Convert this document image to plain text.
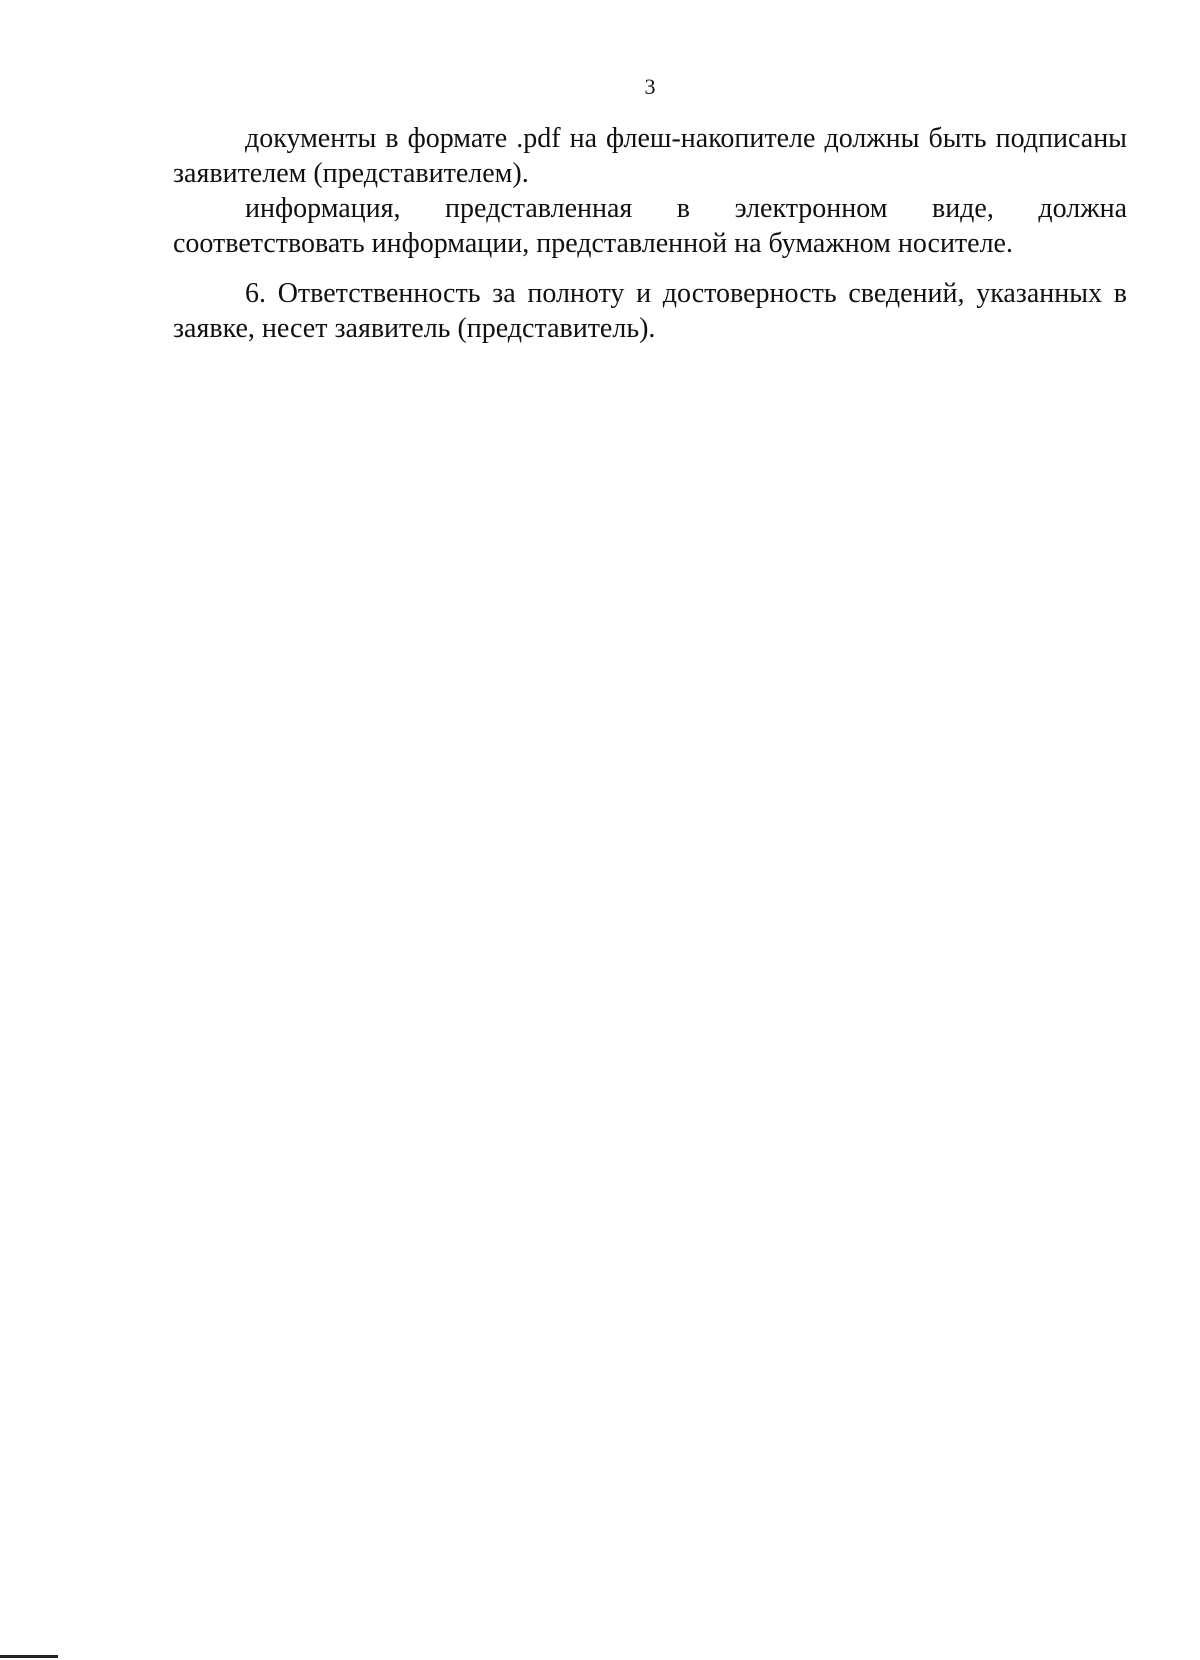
3

документы в формате .pdf на флеш-накопителе должны быть подписаны заявителем (представителем).

информация, представленная в электронном виде, должна соответствовать информации, представленной на бумажном носителе.

6. Ответственность за полноту и достоверность сведений, указанных в заявке, несет заявитель (представитель).
